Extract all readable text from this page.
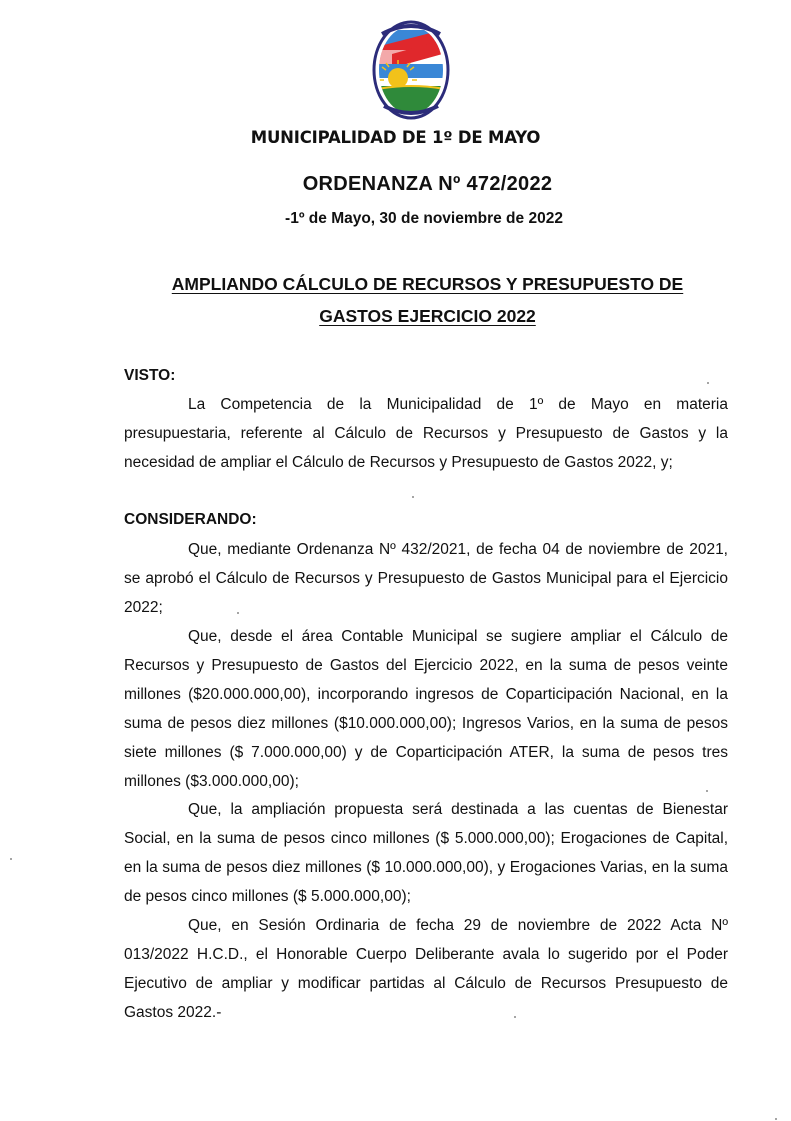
MUNICIPALIDAD DE 1º DE MAYO
ORDENANZA Nº 472/2022
-1º de Mayo, 30 de noviembre de 2022
AMPLIANDO CÁLCULO DE RECURSOS Y PRESUPUESTO DE
GASTOS EJERCICIO 2022
VISTO:

La Competencia de la Municipalidad de 1º de Mayo en materia presupuestaria, referente al Cálculo de Recursos y Presupuesto de Gastos y la necesidad de ampliar el Cálculo de Recursos y Presupuesto de Gastos 2022, y;

CONSIDERANDO:

Que, mediante Ordenanza Nº 432/2021, de fecha 04 de noviembre de 2021, se aprobó el Cálculo de Recursos y Presupuesto de Gastos Municipal para el Ejercicio 2022;

Que, desde el área Contable Municipal se sugiere ampliar el Cálculo de Recursos y Presupuesto de Gastos del Ejercicio 2022, en la suma de pesos veinte millones ($20.000.000,00), incorporando ingresos de Coparticipación Nacional, en la suma de pesos diez millones ($10.000.000,00); Ingresos Varios, en la suma de pesos siete millones ($ 7.000.000,00) y de Coparticipación ATER, la suma de pesos tres millones ($3.000.000,00);

Que, la ampliación propuesta será destinada a las cuentas de Bienestar Social, en la suma de pesos cinco millones ($ 5.000.000,00); Erogaciones de Capital, en la suma de pesos diez millones ($ 10.000.000,00), y Erogaciones Varias, en la suma de pesos cinco millones ($ 5.000.000,00);

Que, en Sesión Ordinaria de fecha 29 de noviembre de 2022 Acta Nº 013/2022 H.C.D., el Honorable Cuerpo Deliberante avala lo sugerido por el Poder Ejecutivo de ampliar y modificar partidas al Cálculo de Recursos Presupuesto de Gastos 2022.-
